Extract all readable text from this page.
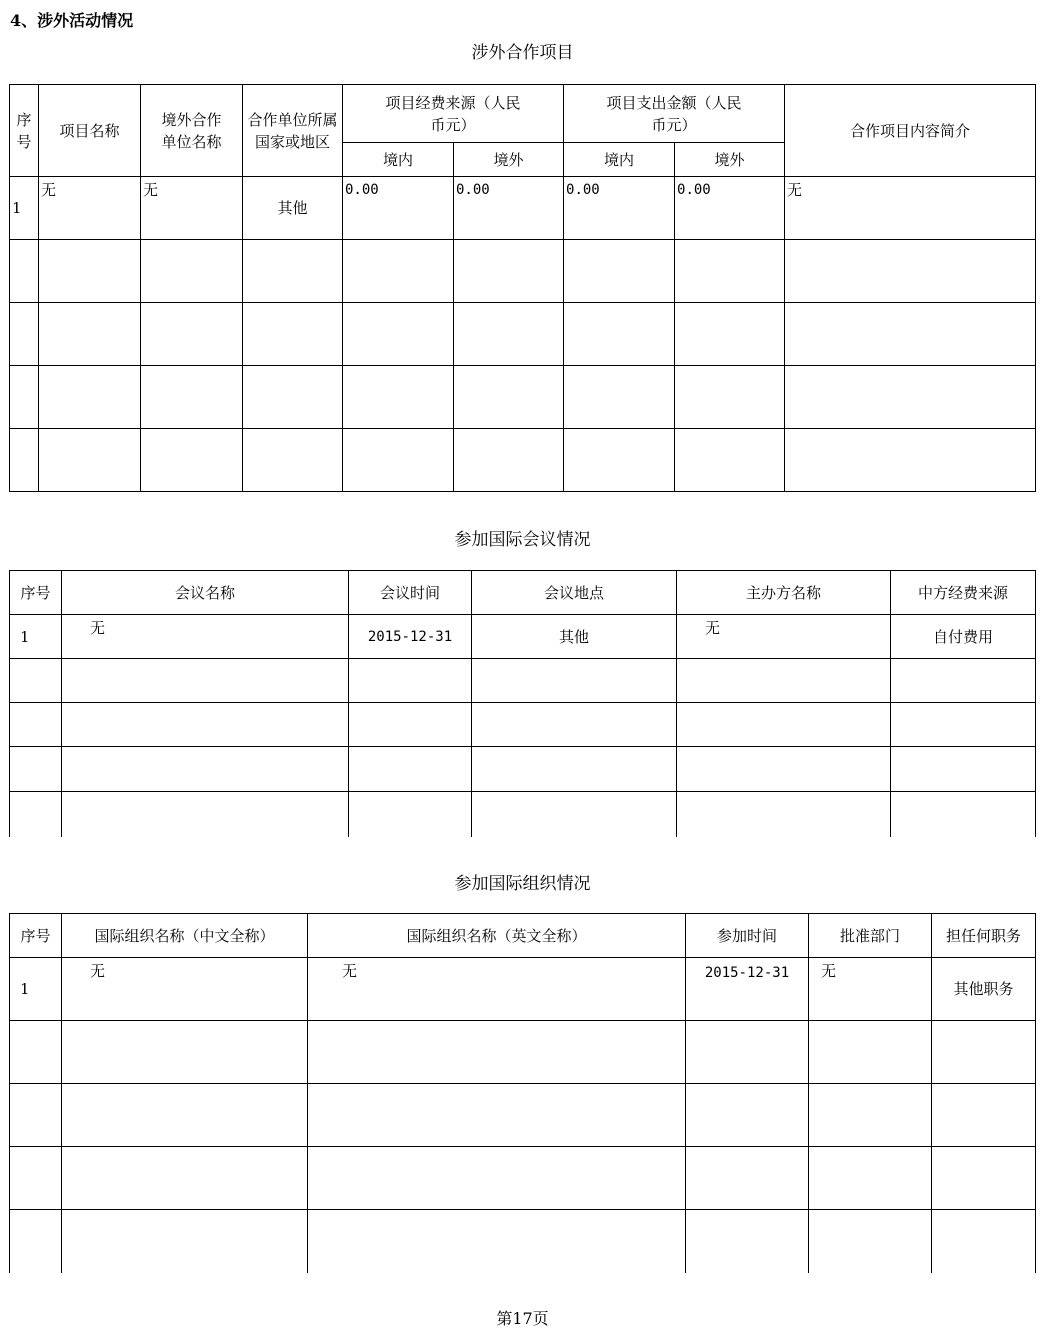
4、涉外活动情况
涉外合作项目
序号	项目名称	境外合作单位名称	合作单位所属国家或地区	项目经费来源（人民币元）		项目支出金额（人民币元）		合作项目内容简介
				境内	境外	境内	境外	
1	无	无	其他	0.00	0.00	0.00	0.00	无

参加国际会议情况
序号	会议名称	会议时间	会议地点	主办方名称	中方经费来源
1	无	2015-12-31	其他	无	自付费用

参加国际组织情况
序号	国际组织名称（中文全称）	国际组织名称（英文全称）	参加时间	批准部门	担任何职务
1	无	无	2015-12-31	无	其他职务

第17页
